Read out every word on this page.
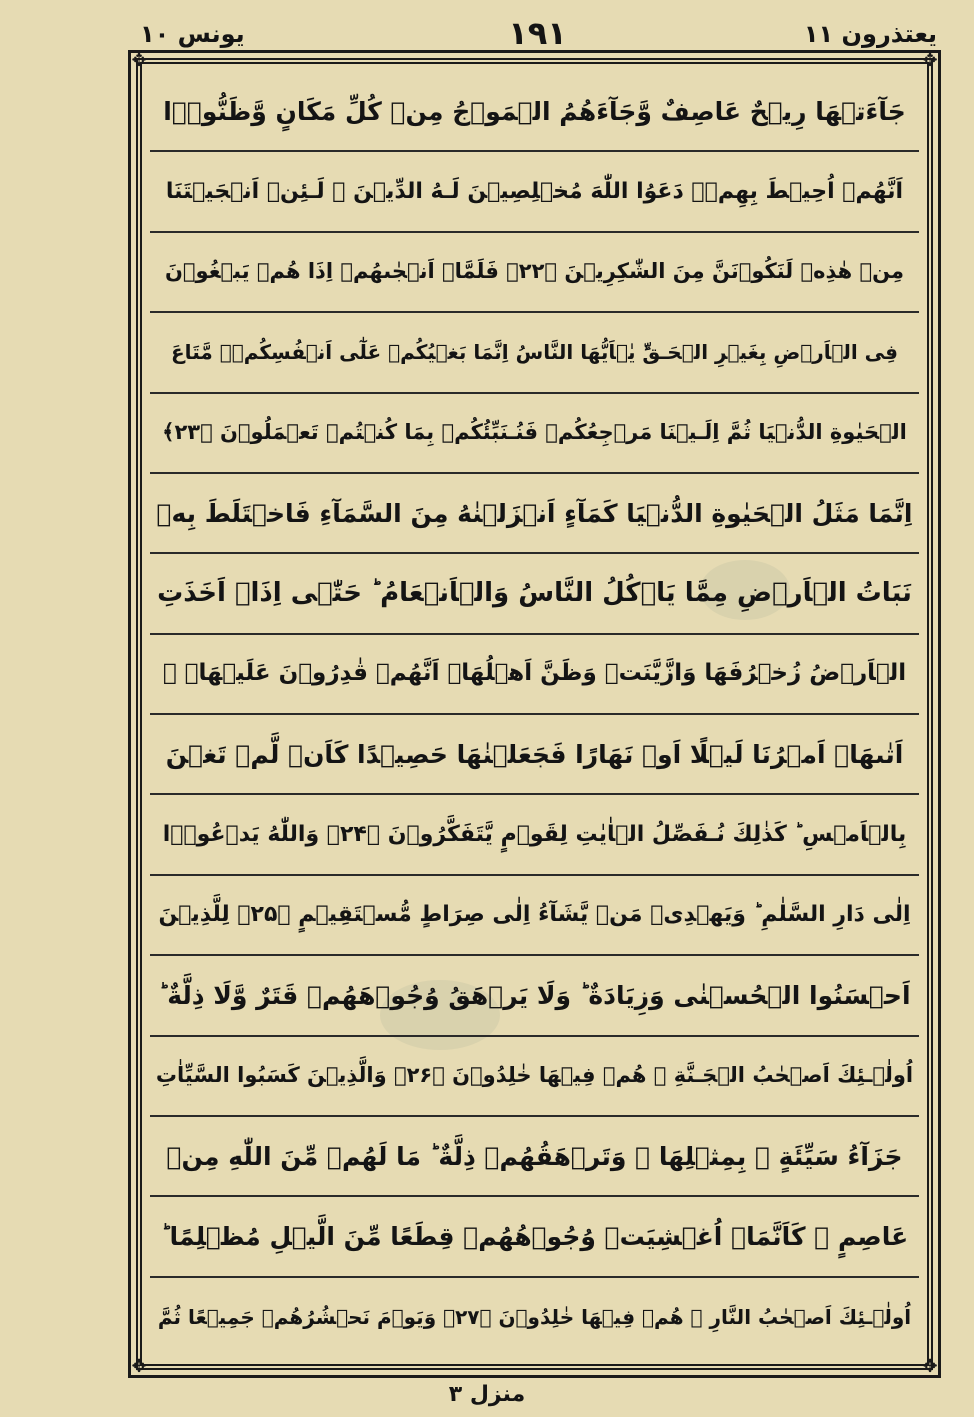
یونس ۱۰	۱۹۱	یعتذرون ۱۱
✥	✥
✥	✥
جَآءَتۡهَا رِيۡحٌ عَاصِفٌ وَّجَآءَهُمُ الۡمَوۡجُ مِنۡ كُلِّ مَكَانٍ وَّظَنُّوۡۤا
اَنَّهُمۡ اُحِيۡطَ بِهِمۡ‌ۙ دَعَوُا اللّٰهَ مُخۡلِصِيۡنَ لَـهُ الدِّيۡنَ ۚ لَـئِنۡ اَنۡجَيۡتَنَا
مِنۡ هٰذِهٖ لَنَكُوۡنَنَّ مِنَ الشّٰكِرِيۡنَ ﴿۲۲﴾ فَلَمَّاۤ اَنۡجٰٮهُمۡ اِذَا هُمۡ يَبۡغُوۡنَ
فِى الۡاَرۡضِ بِغَيۡرِ الۡحَـقِّ‌ؕ يٰۤاَيُّهَا النَّاسُ اِنَّمَا بَغۡيُكُمۡ عَلٰٓى اَنۡفُسِكُمۡ‌ۙ مَّتَاعَ
الۡحَيٰوةِ الدُّنۡيَا‌ ثُمَّ اِلَـيۡنَا مَرۡجِعُكُمۡ فَنُـنَبِّئُكُمۡ بِمَا كُنۡتُمۡ تَعۡمَلُوۡنَ ﴿۲۳﴾
اِنَّمَا مَثَلُ الۡحَيٰوةِ الدُّنۡيَا كَمَآءٍ اَنۡزَلۡنٰهُ مِنَ السَّمَآءِ فَاخۡتَلَطَ بِهٖ
نَبَاتُ الۡاَرۡضِ مِمَّا يَاۡكُلُ النَّاسُ وَالۡاَنۡعَامُ ؕ حَتّٰۤى اِذَاۤ اَخَذَتِ
الۡاَرۡضُ زُخۡرُفَهَا وَازَّيَّنَتۡ وَظَنَّ اَهۡلُهَاۤ اَنَّهُمۡ قٰدِرُوۡنَ عَلَيۡهَاۤ ۙ
اَتٰٮهَاۤ اَمۡرُنَا لَيۡلًا اَوۡ نَهَارًا فَجَعَلۡنٰهَا حَصِيۡدًا كَاَنۡ لَّمۡ تَغۡنَ
بِالۡاَمۡسِ‌ ؕ كَذٰلِكَ نُـفَصِّلُ الۡاٰيٰتِ لِقَوۡمٍ يَّتَفَكَّرُوۡنَ ﴿۲۴﴾ وَاللّٰهُ يَدۡعُوۡۤا
اِلٰى دَارِ السَّلٰمِ ؕ وَيَهۡدِىۡ مَنۡ يَّشَآءُ اِلٰى صِرَاطٍ مُّسۡتَقِيۡمٍ‏ ﴿۲۵﴾ لِلَّذِيۡنَ
اَحۡسَنُوا الۡحُسۡنٰى وَزِيَادَةٌ ‌ؕ وَلَا يَرۡهَقُ وُجُوۡهَهُمۡ قَتَرٌ وَّلَا ذِلَّةٌ ‌ؕ
اُولٰۤـئِكَ اَصۡحٰبُ الۡجَـنَّةِ‌ ۚ هُمۡ فِيۡهَا خٰلِدُوۡنَ ﴿۲۶﴾ وَالَّذِيۡنَ كَسَبُوا السَّيِّاٰتِ
جَزَآءُ سَيِّئَةٍ ۢ بِمِثۡلِهَا ۙ وَتَرۡهَقُهُمۡ ذِلَّةٌ ؕ مَا لَهُمۡ مِّنَ اللّٰهِ مِنۡ
عَاصِمٍ‌ ۚ كَاَنَّمَاۤ اُغۡشِيَتۡ وُجُوۡهُهُمۡ قِطَعًا مِّنَ الَّيۡلِ مُظۡلِمًا ‌ؕ
اُولٰۤـئِكَ اَصۡحٰبُ النَّارِ‌ ۚ هُمۡ فِيۡهَا خٰلِدُوۡنَ ﴿۲۷﴾ وَيَوۡمَ نَحۡشُرُهُمۡ جَمِيۡعًا ثُمَّ
منزل ۳
